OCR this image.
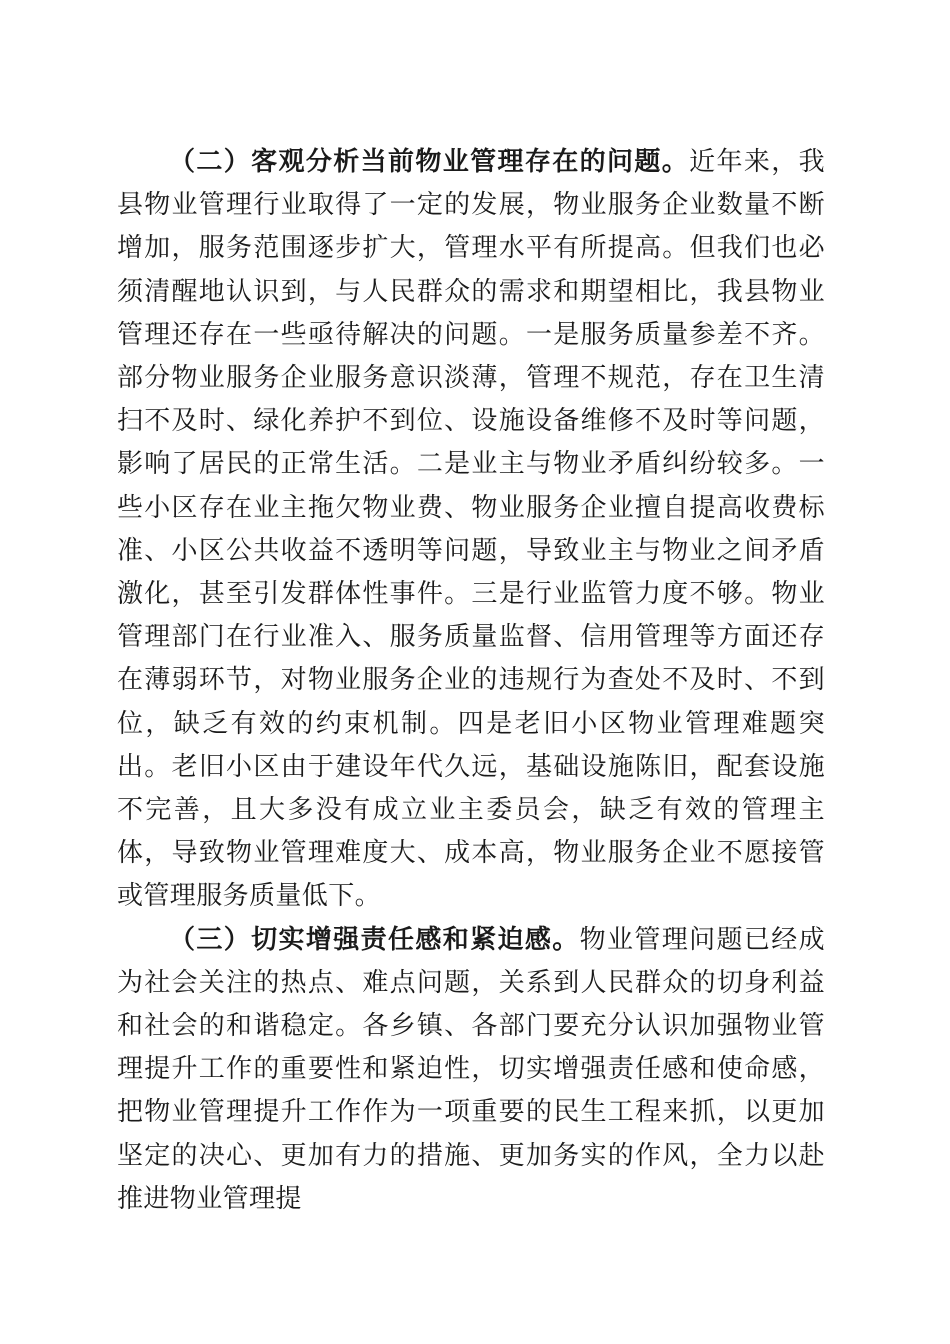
（二）客观分析当前物业管理存在的问题。近年来，我县物业管理行业取得了一定的发展，物业服务企业数量不断增加，服务范围逐步扩大，管理水平有所提高。但我们也必须清醒地认识到，与人民群众的需求和期望相比，我县物业管理还存在一些亟待解决的问题。一是服务质量参差不齐。部分物业服务企业服务意识淡薄，管理不规范，存在卫生清扫不及时、绿化养护不到位、设施设备维修不及时等问题，影响了居民的正常生活。二是业主与物业矛盾纠纷较多。一些小区存在业主拖欠物业费、物业服务企业擅自提高收费标准、小区公共收益不透明等问题，导致业主与物业之间矛盾激化，甚至引发群体性事件。三是行业监管力度不够。物业管理部门在行业准入、服务质量监督、信用管理等方面还存在薄弱环节，对物业服务企业的违规行为查处不及时、不到位，缺乏有效的约束机制。四是老旧小区物业管理难题突出。老旧小区由于建设年代久远，基础设施陈旧，配套设施不完善，且大多没有成立业主委员会，缺乏有效的管理主体，导致物业管理难度大、成本高，物业服务企业不愿接管或管理服务质量低下。

（三）切实增强责任感和紧迫感。物业管理问题已经成为社会关注的热点、难点问题，关系到人民群众的切身利益和社会的和谐稳定。各乡镇、各部门要充分认识加强物业管理提升工作的重要性和紧迫性，切实增强责任感和使命感，把物业管理提升工作作为一项重要的民生工程来抓，以更加坚定的决心、更加有力的措施、更加务实的作风，全力以赴推进物业管理提
